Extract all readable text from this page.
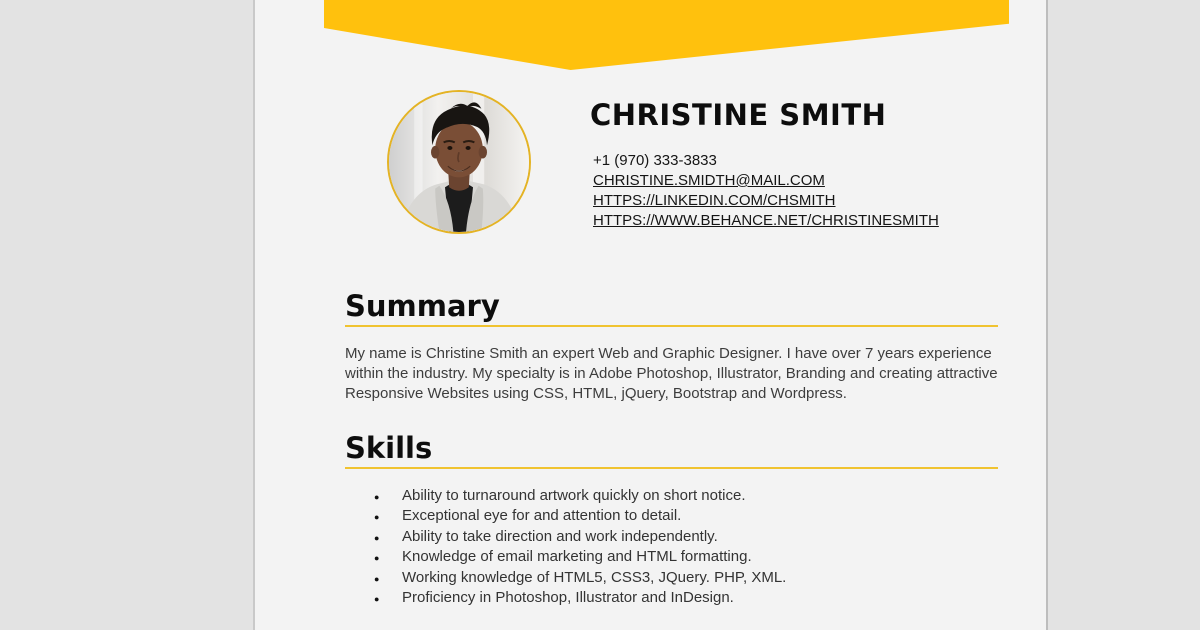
CHRISTINE SMITH
+1 (970) 333-3833
CHRISTINE.SMIDTH@MAIL.COM
HTTPS://LINKEDIN.COM/CHSMITH
HTTPS://WWW.BEHANCE.NET/CHRISTINESMITH
Summary
My name is Christine Smith an expert Web and Graphic Designer. I have over 7 years experience within the industry. My specialty is in Adobe Photoshop, Illustrator, Branding and creating attractive Responsive Websites using CSS, HTML, jQuery, Bootstrap and Wordpress.
Skills
● Ability to turnaround artwork quickly on short notice.
● Exceptional eye for and attention to detail.
● Ability to take direction and work independently.
● Knowledge of email marketing and HTML formatting.
● Working knowledge of HTML5, CSS3, JQuery. PHP, XML.
● Proficiency in Photoshop, Illustrator and InDesign.
